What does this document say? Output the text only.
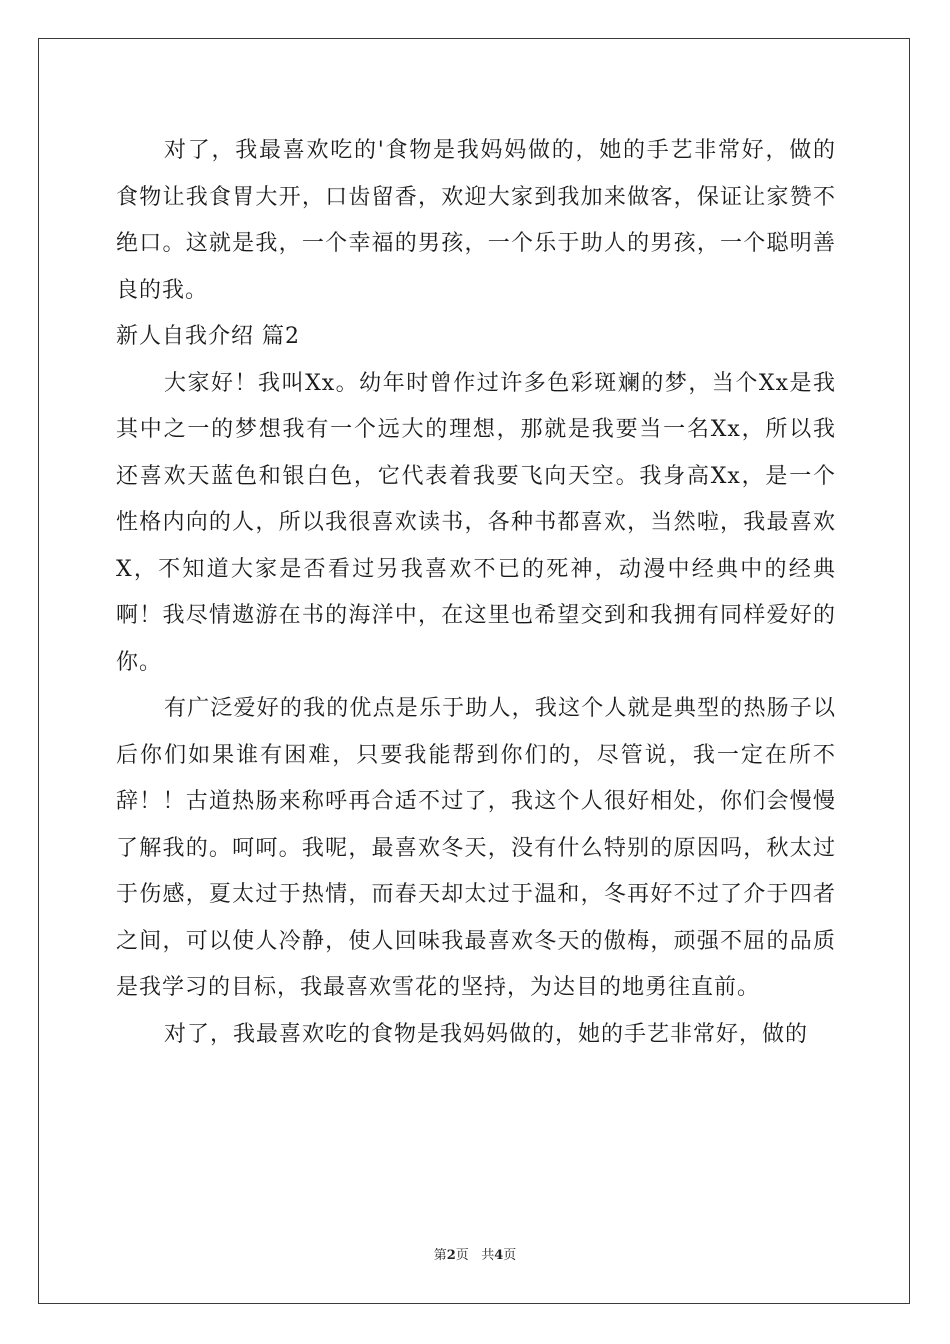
对了，我最喜欢吃的'食物是我妈妈做的，她的手艺非常好，做的食物让我食胃大开，口齿留香，欢迎大家到我加来做客，保证让家赞不绝口。这就是我，一个幸福的男孩，一个乐于助人的男孩，一个聪明善良的我。

新人自我介绍 篇2

大家好！我叫Xx。幼年时曾作过许多色彩斑斓的梦，当个Xx是我其中之一的梦想我有一个远大的理想，那就是我要当一名Xx，所以我还喜欢天蓝色和银白色，它代表着我要飞向天空。我身高Xx，是一个性格内向的人，所以我很喜欢读书，各种书都喜欢，当然啦，我最喜欢X，不知道大家是否看过另我喜欢不已的死神，动漫中经典中的经典啊！我尽情遨游在书的海洋中，在这里也希望交到和我拥有同样爱好的你。

有广泛爱好的我的优点是乐于助人，我这个人就是典型的热肠子以后你们如果谁有困难，只要我能帮到你们的，尽管说，我一定在所不辞！！古道热肠来称呼再合适不过了，我这个人很好相处，你们会慢慢了解我的。呵呵。我呢，最喜欢冬天，没有什么特别的原因吗，秋太过于伤感，夏太过于热情，而春天却太过于温和，冬再好不过了介于四者之间，可以使人冷静，使人回味我最喜欢冬天的傲梅，顽强不屈的品质是我学习的目标，我最喜欢雪花的坚持，为达目的地勇往直前。

对了，我最喜欢吃的食物是我妈妈做的，她的手艺非常好，做的

第2页 共4页
